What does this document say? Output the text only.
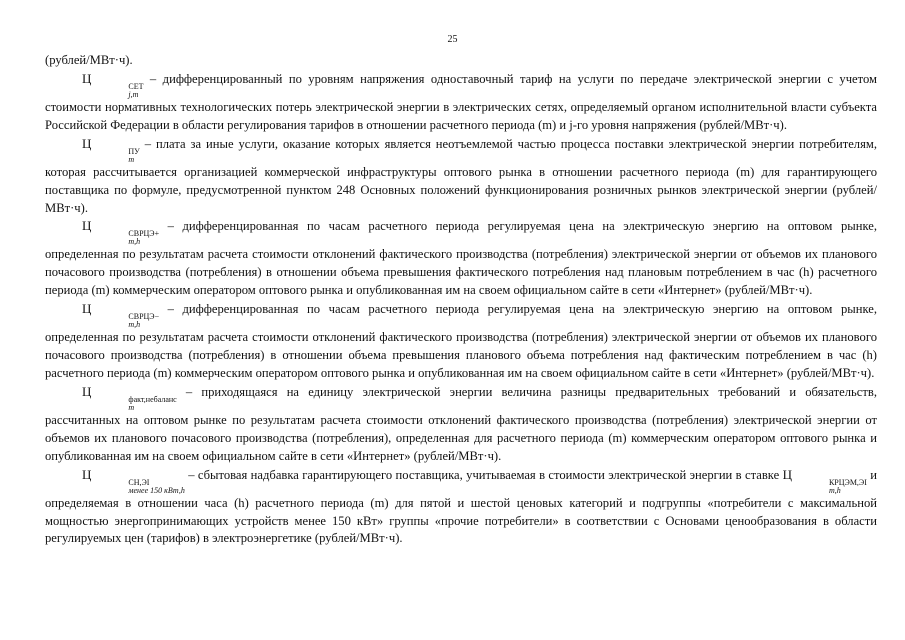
25

(рублей/МВт·ч).

Ц
СЕТ
j,m
– дифференцированный по уровням напряжения одноставочный тариф на услуги по передаче электрической энергии с учетом стоимости нормативных технологических потерь электрической энергии в электрических сетях, определяемый органом исполнительной власти субъекта Российской Федерации в области регулирования тарифов в отношении расчетного периода (m) и j-го уровня напряжения (рублей/МВт·ч).

Ц
ПУ
m
– плата за иные услуги, оказание которых является неотъемлемой частью процесса поставки электрической энергии потребителям, которая рассчитывается организацией коммерческой инфраструктуры оптового рынка в отношении расчетного периода (m) для гарантирующего поставщика по формуле, предусмотренной пунктом 248 Основных положений функционирования розничных рынков электрической энергии (рублей/МВт·ч).

Ц
СВРЦЭ+
m,h
– дифференцированная по часам расчетного периода регулируемая цена на электрическую энергию на оптовом рынке, определенная по результатам расчета стоимости отклонений фактического производства (потребления) электрической энергии от объемов их планового почасового производства (потребления) в отношении объема превышения фактического потребления над плановым потреблением в час (h) расчетного периода (m) коммерческим оператором оптового рынка и опубликованная им на своем официальном сайте в сети «Интернет» (рублей/МВт·ч).

Ц
СВРЦЭ−
m,h
– дифференцированная по часам расчетного периода регулируемая цена на электрическую энергию на оптовом рынке, определенная по результатам расчета стоимости отклонений фактического производства (потребления) электрической энергии от объемов их планового почасового производства (потребления) в отношении объема превышения планового объема потребления над фактическим потреблением в час (h) расчетного периода (m) коммерческим оператором оптового рынка и опубликованная им на своем официальном сайте в сети «Интернет» (рублей/МВт·ч).

Ц
факт,небаланс
m
– приходящаяся на единицу электрической энергии величина разницы предварительных требований и обязательств, рассчитанных на оптовом рынке по результатам расчета стоимости отклонений фактического производства (потребления) электрической энергии от объемов их планового почасового производства (потребления), определенная для расчетного периода (m) коммерческим оператором оптового рынка и опубликованная им на своем официальном сайте в сети «Интернет» (рублей/МВт·ч).

Ц
СН,ЭІ
менее 150 кВт,h
– сбытовая надбавка гарантирующего поставщика, учитываемая в стоимости электрической энергии в ставке Ц
КРЦЭМ,ЭІ
m,h
и определяемая в отношении часа (h) расчетного периода (m) для пятой и шестой ценовых категорий и подгруппы «потребители с максимальной мощностью энергопринимающих устройств менее 150 кВт» группы «прочие потребители» в соответствии с Основами ценообразования в области регулируемых цен (тарифов) в электроэнергетике (рублей/МВт·ч).
